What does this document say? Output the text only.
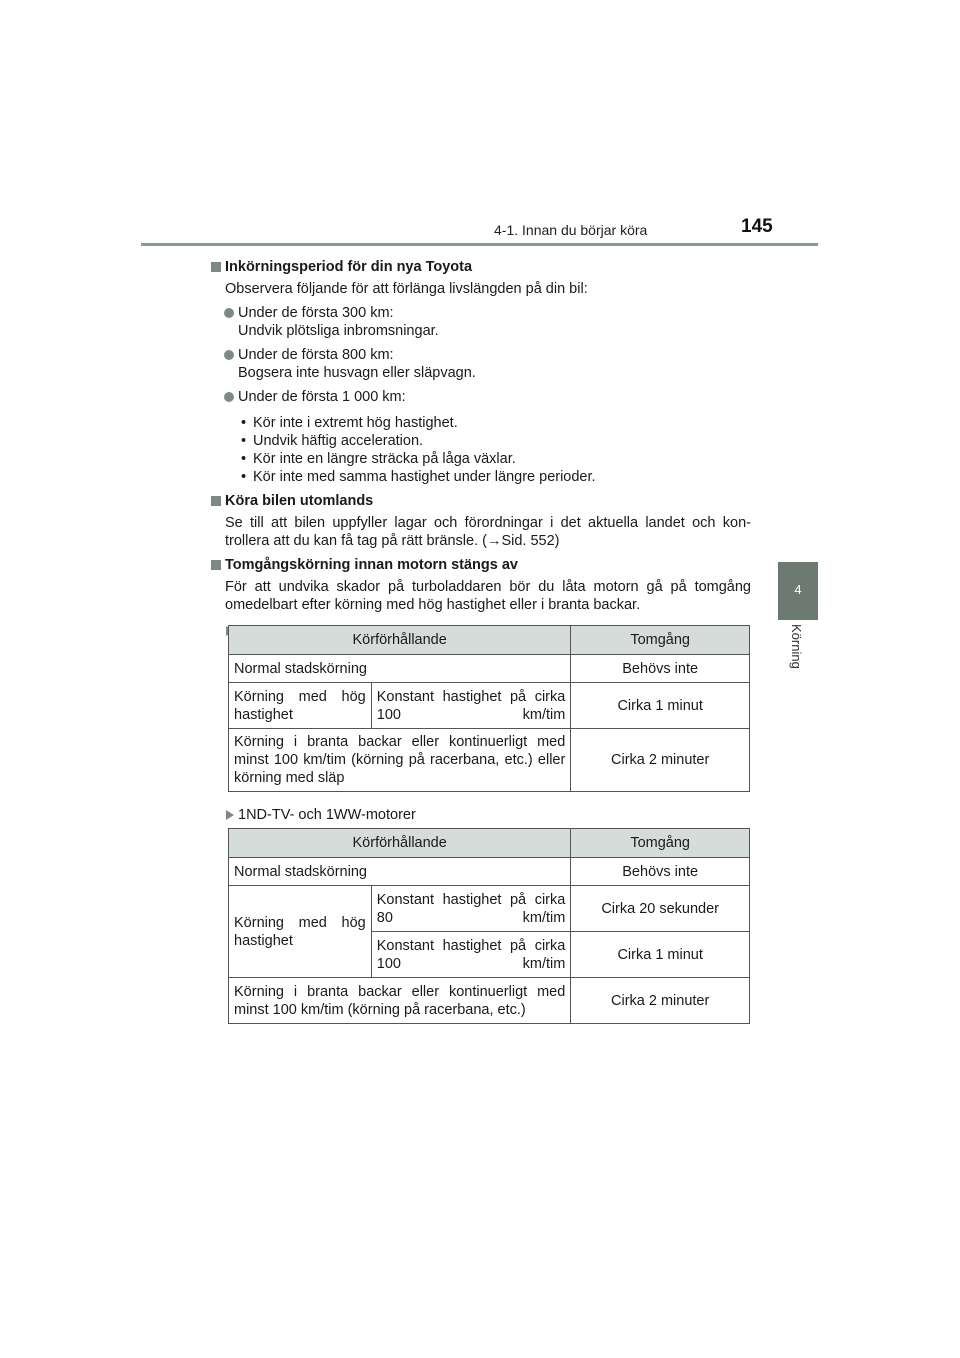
4-1. Innan du börjar köra	145
4
Körning
Inkörningsperiod för din nya Toyota
Observera följande för att förlänga livslängden på din bil:
Under de första 300 km:
Undvik plötsliga inbromsningar.
Under de första 800 km:
Bogsera inte husvagn eller släpvagn.
Under de första 1 000 km:
• Kör inte i extremt hög hastighet.
• Undvik häftig acceleration.
• Kör inte en längre sträcka på låga växlar.
• Kör inte med samma hastighet under längre perioder.
Köra bilen utomlands
Se till att bilen uppfyller lagar och förordningar i det aktuella landet och kon-trollera att du kan få tag på rätt bränsle. (→Sid. 552)
Tomgångskörning innan motorn stängs av
För att undvika skador på turboladdaren bör du låta motorn gå på tomgång omedelbart efter körning med hög hastighet eller i branta backar.
Körförhållande		Tomgång
Normal stadskörning		Behövs inte
Körning med hög hastighet	Konstant hastighet på cirka 100 km/tim	Cirka 1 minut
Körning i branta backar eller kontinuerligt med minst 100 km/tim (körning på racerbana, etc.) eller körning med släp		Cirka 2 minuter
1ND-TV- och 1WW-motorer
Körförhållande		Tomgång
Normal stadskörning		Behövs inte
Körning med hög hastighet	Konstant hastighet på cirka 80 km/tim	Cirka 20 sekunder
	Konstant hastighet på cirka 100 km/tim	Cirka 1 minut
Körning i branta backar eller kontinuerligt med minst 100 km/tim (körning på racerbana, etc.)		Cirka 2 minuter
